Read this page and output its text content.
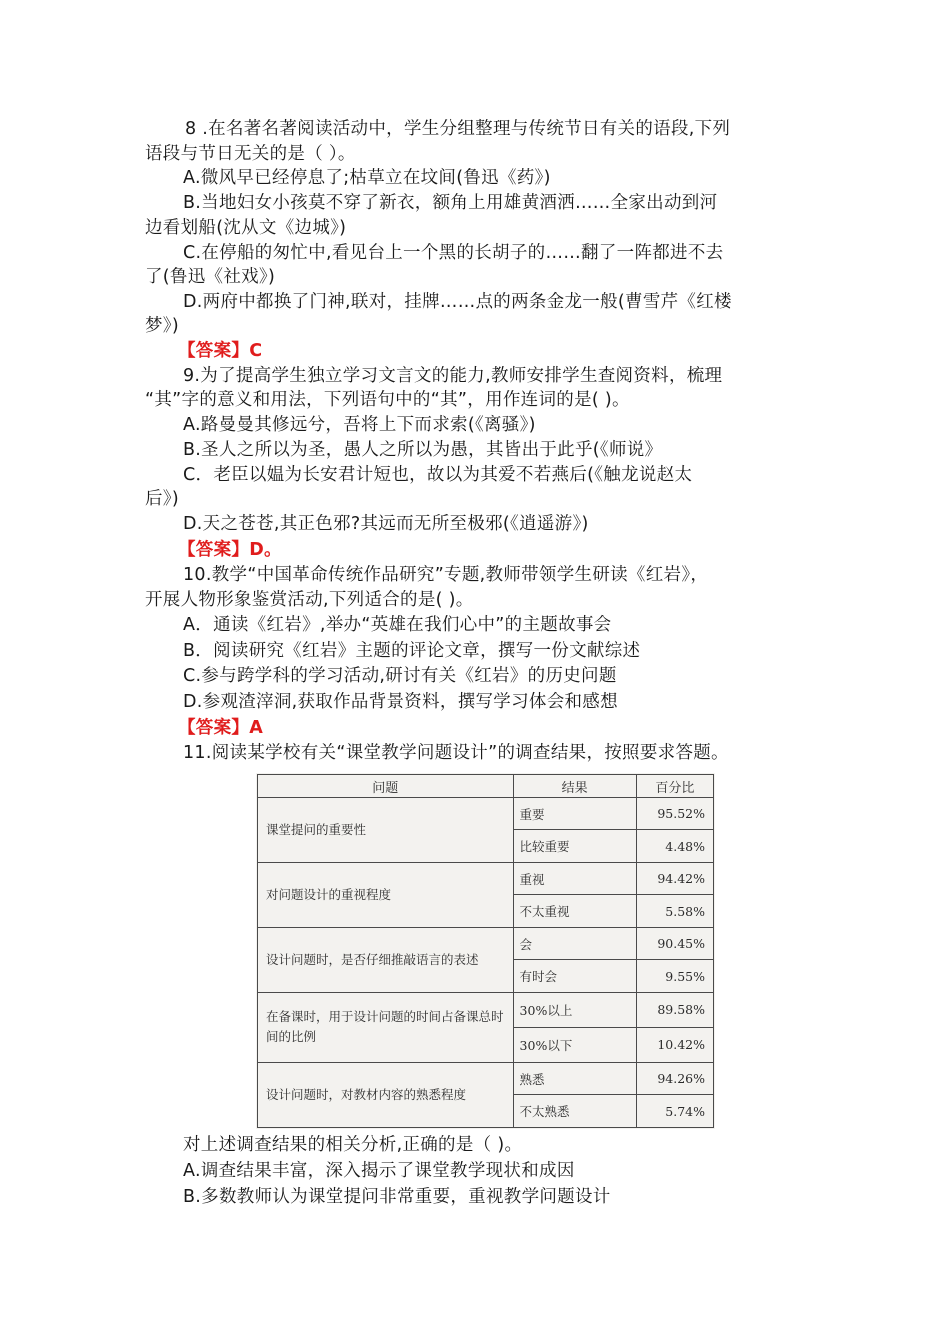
8 .在名著名著阅读活动中，学生分组整理与传统节日有关的语段,下列
语段与节日无关的是（ ）。
A.微风早已经停息了;枯草立在坟间(鲁迅《药》)
B.当地妇女小孩莫不穿了新衣，额角上用雄黄酒洒……全家出动到河
边看划船(沈从文《边城》)
C.在停船的匆忙中,看见台上一个黑的长胡子的……翻了一阵都进不去
了(鲁迅《社戏》)
D.两府中都换了门神,联对，挂牌……点的两条金龙一般(曹雪芹《红楼
梦》)
【答案】C
9.为了提高学生独立学习文言文的能力,教师安排学生查阅资料，梳理
“其”字的意义和用法，下列语句中的“其”，用作连词的是( )。
A.路曼曼其修远兮，吾将上下而求索(《离骚》)
B.圣人之所以为圣，愚人之所以为愚，其皆出于此乎(《师说》
C．老臣以媪为长安君计短也，故以为其爱不若燕后(《触龙说赵太
后》)
D.天之苍苍,其正色邪?其远而无所至极邪(《逍遥游》)
【答案】D。
10.教学“中国革命传统作品研究”专题,教师带领学生研读《红岩》，
开展人物形象鉴赏活动,下列适合的是( )。
A．通读《红岩》,举办“英雄在我们心中”的主题故事会
B．阅读研究《红岩》主题的评论文章，撰写一份文献综述
C.参与跨学科的学习活动,研讨有关《红岩》的历史问题
D.参观渣滓洞,获取作品背景资料，撰写学习体会和感想
【答案】A
11.阅读某学校有关“课堂教学问题设计”的调查结果，按照要求答题。
问题	结果	百分比
课堂提问的重要性	重要	95.52%
	比较重要	4.48%
对问题设计的重视程度	重视	94.42%
	不太重视	5.58%
设计问题时，是否仔细推敲语言的表述	会	90.45%
	有时会	9.55%
在备课时，用于设计问题的时间占备课总时间的比例	30%以上	89.58%
	30%以下	10.42%
设计问题时，对教材内容的熟悉程度	熟悉	94.26%
	不太熟悉	5.74%
对上述调查结果的相关分析,正确的是（ )。
A.调查结果丰富，深入揭示了课堂教学现状和成因
B.多数教师认为课堂提问非常重要，重视教学问题设计
